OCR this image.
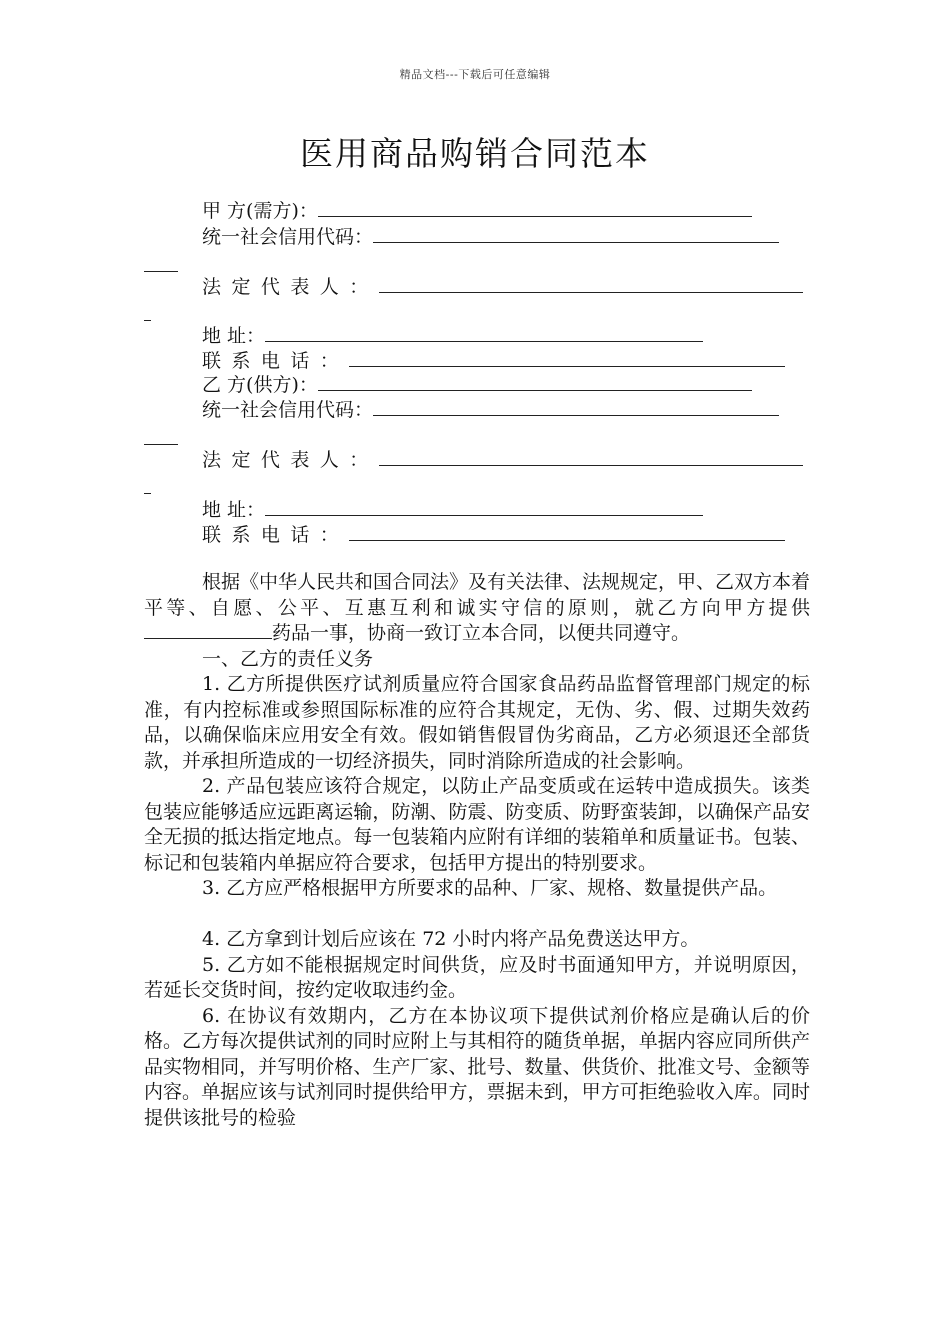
精品文档---下载后可任意编辑
医用商品购销合同范本
甲 方(需方)：
统一社会信用代码：
法定代表人：
地 址：
联系电话：
乙 方(供方)：
统一社会信用代码：
法定代表人：
地 址：
联系电话：

根据《中华人民共和国合同法》及有关法律、法规规定，甲、乙双方本着平等、自愿、公平、互惠互利和诚实守信的原则，就乙方向甲方提供药品一事，协商一致订立本合同，以便共同遵守。

一、乙方的责任义务

1. 乙方所提供医疗试剂质量应符合国家食品药品监督管理部门规定的标准，有内控标准或参照国际标准的应符合其规定，无伪、劣、假、过期失效药品，以确保临床应用安全有效。假如销售假冒伪劣商品，乙方必须退还全部货款，并承担所造成的一切经济损失，同时消除所造成的社会影响。

2. 产品包装应该符合规定，以防止产品变质或在运转中造成损失。该类包装应能够适应远距离运输，防潮、防震、防变质、防野蛮装卸，以确保产品安全无损的抵达指定地点。每一包装箱内应附有详细的装箱单和质量证书。包装、标记和包装箱内单据应符合要求，包括甲方提出的特别要求。

3. 乙方应严格根据甲方所要求的品种、厂家、规格、数量提供产品。

4. 乙方拿到计划后应该在 72 小时内将产品免费送达甲方。

5. 乙方如不能根据规定时间供货，应及时书面通知甲方，并说明原因，若延长交货时间，按约定收取违约金。

6. 在协议有效期内，乙方在本协议项下提供试剂价格应是确认后的价格。乙方每次提供试剂的同时应附上与其相符的随货单据，单据内容应同所供产品实物相同，并写明价格、生产厂家、批号、数量、供货价、批准文号、金额等内容。单据应该与试剂同时提供给甲方，票据未到，甲方可拒绝验收入库。同时提供该批号的检验
